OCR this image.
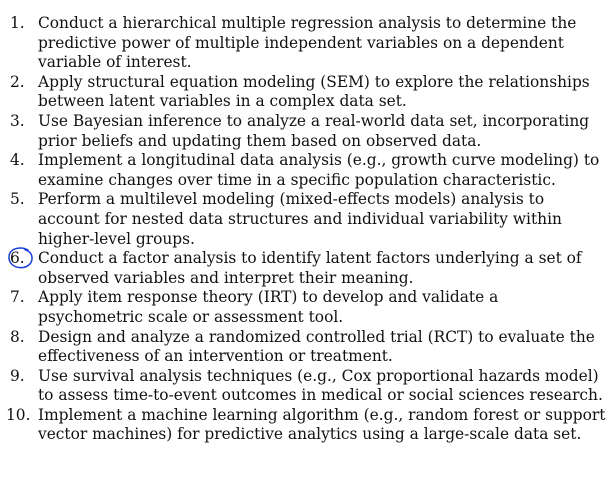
1. Conduct a hierarchical multiple regression analysis to determine the predictive power of multiple independent variables on a dependent variable of interest.
2. Apply structural equation modeling (SEM) to explore the relationships between latent variables in a complex data set.
3. Use Bayesian inference to analyze a real-world data set, incorporating prior beliefs and updating them based on observed data.
4. Implement a longitudinal data analysis (e.g., growth curve modeling) to examine changes over time in a specific population characteristic.
5. Perform a multilevel modeling (mixed-effects models) analysis to account for nested data structures and individual variability within higher-level groups.
6. Conduct a factor analysis to identify latent factors underlying a set of observed variables and interpret their meaning.
7. Apply item response theory (IRT) to develop and validate a psychometric scale or assessment tool.
8. Design and analyze a randomized controlled trial (RCT) to evaluate the effectiveness of an intervention or treatment.
9. Use survival analysis techniques (e.g., Cox proportional hazards model) to assess time-to-event outcomes in medical or social sciences research.
10. Implement a machine learning algorithm (e.g., random forest or support vector machines) for predictive analytics using a large-scale data set.
